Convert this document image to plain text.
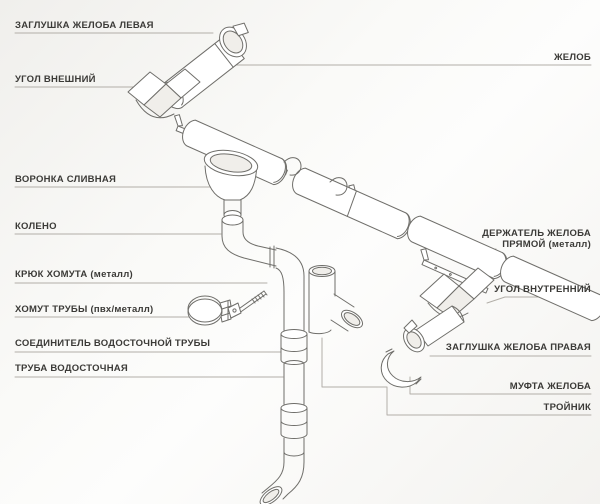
ЗАГЛУШКА ЖЕЛОБА ЛЕВАЯ
УГОЛ ВНЕШНИЙ
ВОРОНКА СЛИВНАЯ
КОЛЕНО
КРЮК ХОМУТА (металл)
ХОМУТ ТРУБЫ (пвх/металл)
СОЕДИНИТЕЛЬ ВОДОСТОЧНОЙ ТРУБЫ
ТРУБА ВОДОСТОЧНАЯ
ЖЕЛОБ
ДЕРЖАТЕЛЬ ЖЕЛОБА ПРЯМОЙ (металл)
УГОЛ ВНУТРЕННИЙ
ЗАГЛУШКА ЖЕЛОБА ПРАВАЯ
МУФТА ЖЕЛОБА
ТРОЙНИК
